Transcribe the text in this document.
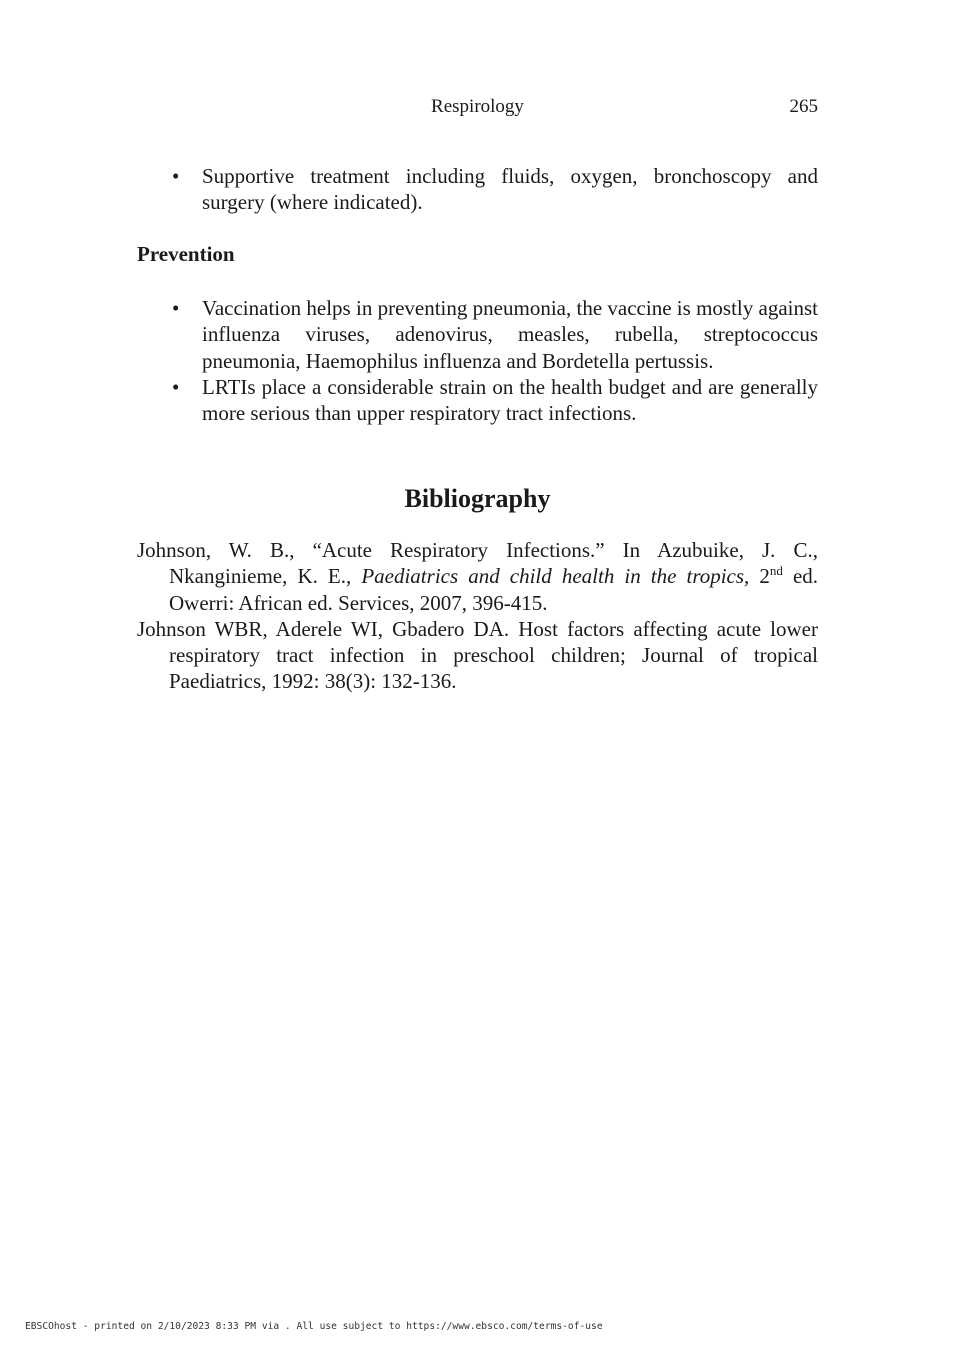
Respirology	265
• Supportive treatment including fluids, oxygen, bronchoscopy and surgery (where indicated).
Prevention
• Vaccination helps in preventing pneumonia, the vaccine is mostly against influenza viruses, adenovirus, measles, rubella, streptococcus pneumonia, Haemophilus influenza and Bordetella pertussis.
• LRTIs place a considerable strain on the health budget and are generally more serious than upper respiratory tract infections.
Bibliography
Johnson, W. B., “Acute Respiratory Infections.” In Azubuike, J. C., Nkanginieme, K. E., Paediatrics and child health in the tropics, 2nd ed. Owerri: African ed. Services, 2007, 396-415.
Johnson WBR, Aderele WI, Gbadero DA. Host factors affecting acute lower respiratory tract infection in preschool children; Journal of tropical Paediatrics, 1992: 38(3): 132-136.
EBSCOhost - printed on 2/10/2023 8:33 PM via . All use subject to https://www.ebsco.com/terms-of-use
